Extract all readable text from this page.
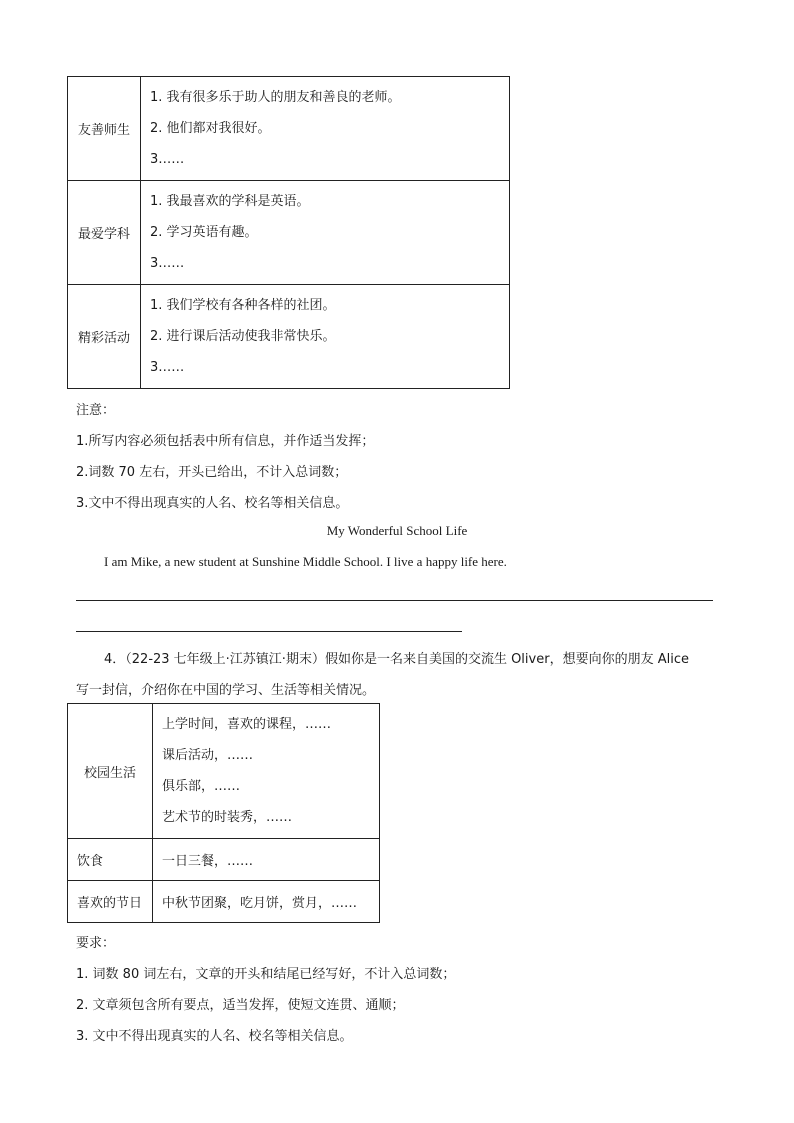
友善师生	1. 我有很多乐于助人的朋友和善良的老师。
2. 他们都对我很好。
3……

最爱学科	1. 我最喜欢的学科是英语。
2. 学习英语有趣。
3……

精彩活动	1. 我们学校有各种各样的社团。
2. 进行课后活动使我非常快乐。
3……
注意：
1.所写内容必须包括表中所有信息，并作适当发挥；
2.词数 70 左右，开头已给出，不计入总词数；
3.文中不得出现真实的人名、校名等相关信息。
My Wonderful School Life
I am Mike, a new student at Sunshine Middle School. I live a happy life here.
4．（22-23 七年级上·江苏镇江·期末）假如你是一名来自美国的交流生 Oliver，想要向你的朋友 Alice
写一封信，介绍你在中国的学习、生活等相关情况。
校园生活	上学时间，喜欢的课程，……
课后活动，……
俱乐部，……
艺术节的时装秀，……

饮食	一日三餐，……
喜欢的节日	中秋节团聚，吃月饼，赏月，……
要求：
1. 词数 80 词左右，文章的开头和结尾已经写好，不计入总词数；
2. 文章须包含所有要点，适当发挥，使短文连贯、通顺；
3. 文中不得出现真实的人名、校名等相关信息。
